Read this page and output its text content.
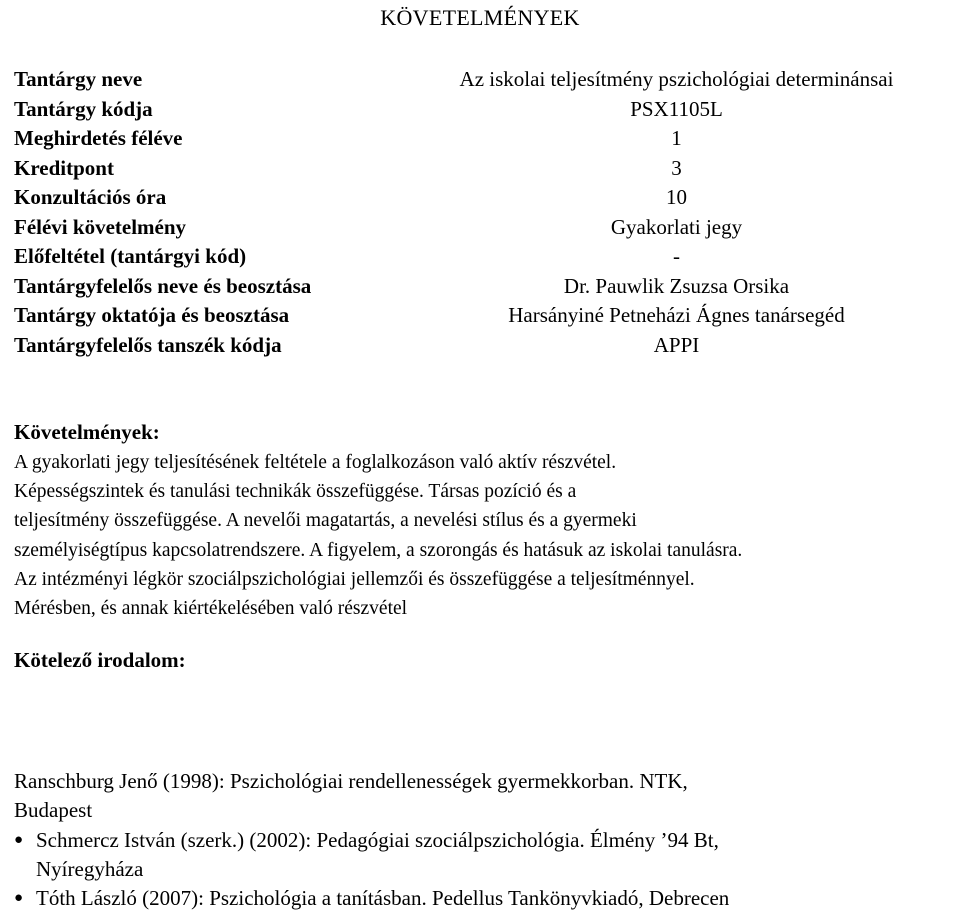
KÖVETELMÉNYEK
Tantárgy neve	Az iskolai teljesítmény pszichológiai determinánsai
Tantárgy kódja	PSX1105L
Meghirdetés féléve	1
Kreditpont	3
Konzultációs óra	10
Félévi követelmény	Gyakorlati jegy
Előfeltétel (tantárgyi kód)	-
Tantárgyfelelős neve és beosztása	Dr. Pauwlik Zsuzsa Orsika
Tantárgy oktatója és beosztása	Harsányiné Petneházi Ágnes tanársegéd
Tantárgyfelelős tanszék kódja	APPI
Követelmények:

A gyakorlati jegy teljesítésének feltétele a foglalkozáson való aktív részvétel.
Képességszintek és tanulási technikák összefüggése. Társas pozíció és a
teljesítmény összefüggése. A nevelői magatartás, a nevelési stílus és a gyermeki
személyiségtípus kapcsolatrendszere. A figyelem, a szorongás és hatásuk az iskolai tanulásra.
Az intézményi légkör szociálpszichológiai jellemzői és összefüggése a teljesítménnyel.
Mérésben, és annak kiértékelésében való részvétel

Kötelező irodalom:

Ranschburg Jenő (1998): Pszichológiai rendellenességek gyermekkorban. NTK,
Budapest

● Schmercz István (szerk.) (2002): Pedagógiai szociálpszichológia. Élmény ’94 Bt,
Nyíregyháza
● Tóth László (2007): Pszichológia a tanításban. Pedellus Tankönyvkiadó, Debrecen
